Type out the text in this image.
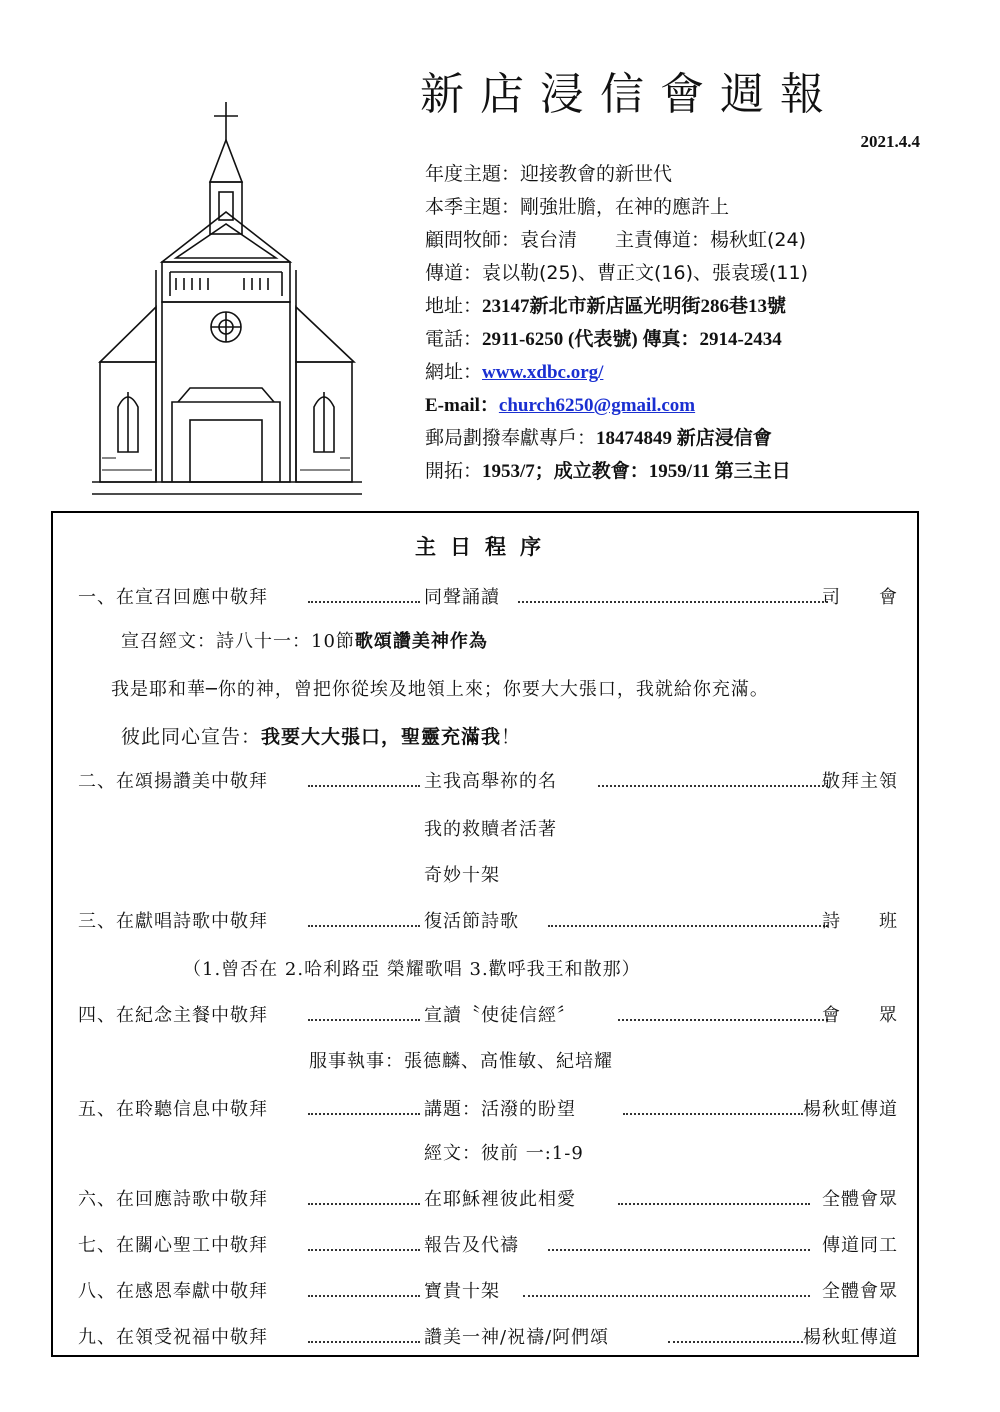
新店浸信會週報
2021.4.4
年度主題：迎接教會的新世代
本季主題：剛強壯膽，在神的應許上
顧問牧師：袁台清　　主責傳道：楊秋虹(24)
傳道：袁以勒(25)、曹正文(16)、張袁瑗(11)
地址：23147新北市新店區光明街286巷13號
電話：2911-6250 (代表號) 傳真：2914-2434
網址：www.xdbc.org/
E-mail：church6250@gmail.com
郵局劃撥奉獻專戶：18474849 新店浸信會
開拓：1953/7；成立教會：1959/11 第三主日
主日程序
一、在宣召回應中敬拜	同聲誦讀	司　　會
宣召經文：詩八十一：10節歌頌讚美神作為
我是耶和華─你的神，曾把你從埃及地領上來；你要大大張口，我就給你充滿。
彼此同心宣告：我要大大張口，聖靈充滿我！
二、在頌揚讚美中敬拜	主我高舉祢的名	敬拜主領
我的救贖者活著
奇妙十架
三、在獻唱詩歌中敬拜	復活節詩歌	詩　　班
（1.曾否在 2.哈利路亞 榮耀歌唱 3.歡呼我王和散那）
四、在紀念主餐中敬拜	宣讀〝使徒信經〞	會　　眾
服事執事：張德麟、高惟敏、紀培耀
五、在聆聽信息中敬拜	講題：活潑的盼望	楊秋虹傳道
經文：彼前 一:1-9
六、在回應詩歌中敬拜	在耶穌裡彼此相愛	全體會眾
七、在關心聖工中敬拜	報告及代禱	傳道同工
八、在感恩奉獻中敬拜	寶貴十架	全體會眾
九、在領受祝福中敬拜	讚美一神/祝禱/阿們頌	楊秋虹傳道
